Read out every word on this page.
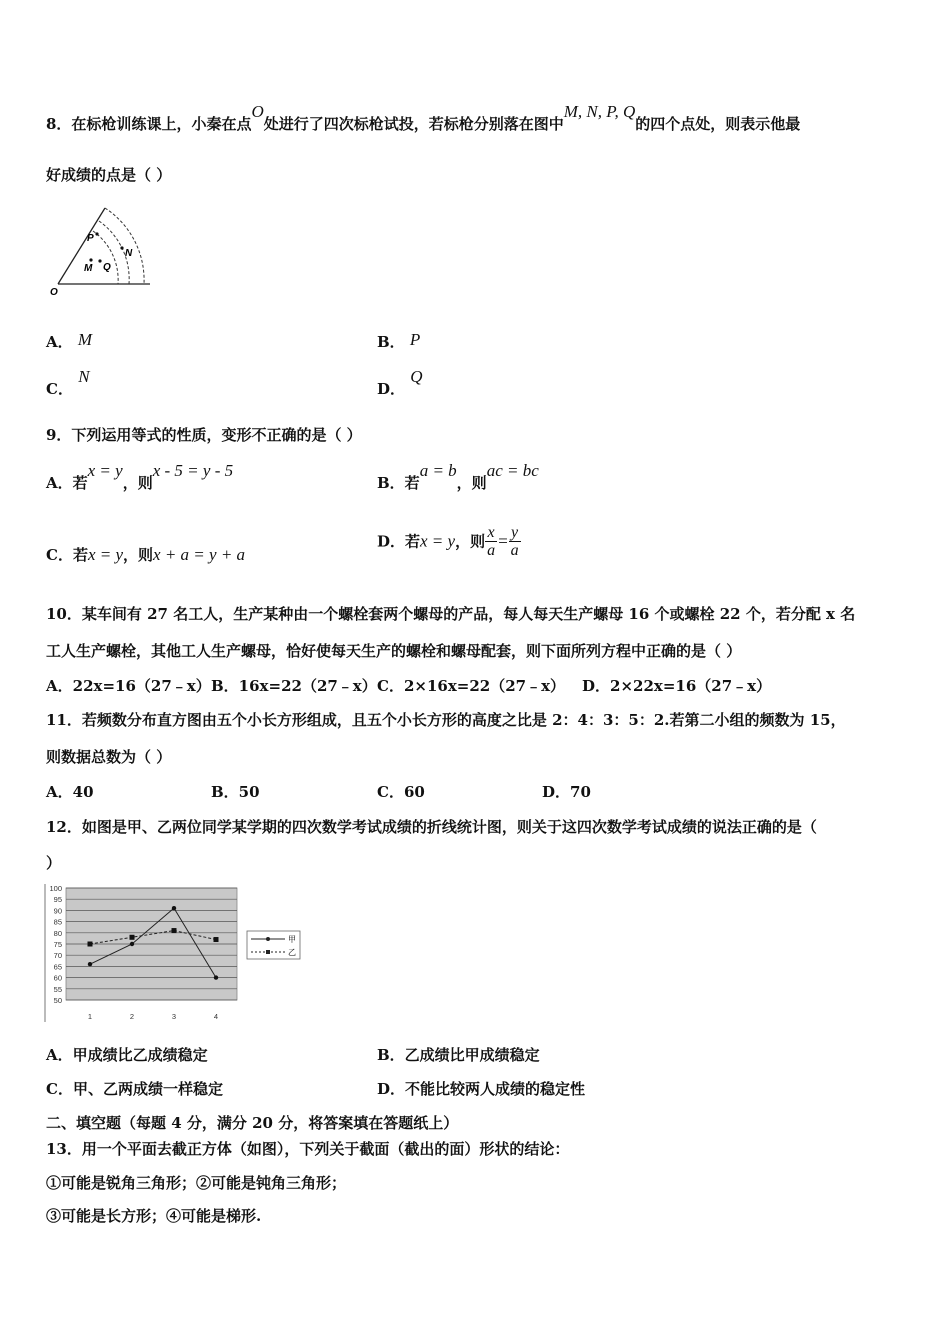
8．在标枪训练课上，小秦在点O处进行了四次标枪试投，若标枪分别落在图中M, N, P, Q的四个点处，则表示他最
好成绩的点是（ ）
O
P
N
M Q
A． M	B． P
C． N
D． Q
9．下列运用等式的性质，变形不正确的是（ ）
A．若x = y，则x - 5 = y - 5
B．若a = b，则ac = bc
C．若x = y，则x + a = y + a
D．若x = y，则 $\frac{x}{a} = \frac{y}{a}$
10．某车间有 27 名工人，生产某种由一个螺栓套两个螺母的产品，每人每天生产螺母 16 个或螺栓 22 个，若分配 x 名
工人生产螺栓，其他工人生产螺母，恰好使每天生产的螺栓和螺母配套，则下面所列方程中正确的是（ ）
A．22x=16（27﹣x） B．16x=22（27﹣x） C．2×16x=22（27﹣x） D．2×22x=16（27﹣x）
11．若频数分布直方图由五个小长方形组成，且五个小长方形的高度之比是 2：4：3：5：2.若第二小组的频数为 15，
则数据总数为（ ）
A．40	B．50	C．60	D．70
12．如图是甲、乙两位同学某学期的四次数学考试成绩的折线统计图，则关于这四次数学考试成绩的说法正确的是（
）
100
95
90
85
80
75
70
65
60
55
50
1	2	3	4
甲
乙
A．甲成绩比乙成绩稳定	B．乙成绩比甲成绩稳定
C．甲、乙两成绩一样稳定	D．不能比较两人成绩的稳定性
二、填空题（每题 4 分，满分 20 分，将答案填在答题纸上）
13．用一个平面去截正方体（如图），下列关于截面（截出的面）形状的结论：
①可能是锐角三角形；②可能是钝角三角形；
③可能是长方形；④可能是梯形.
